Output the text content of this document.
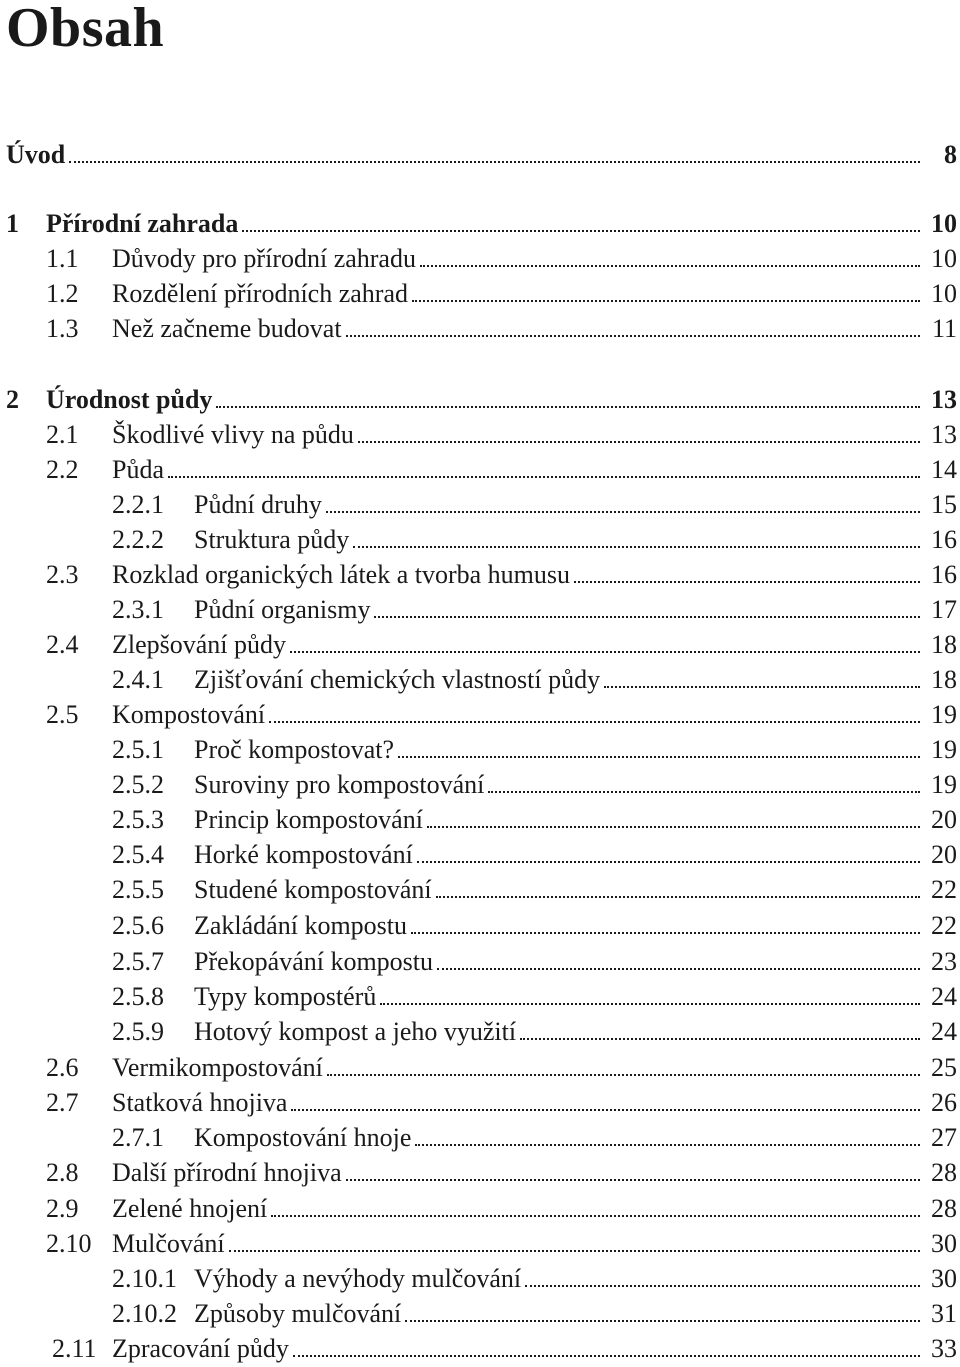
Obsah
Úvod	8
1 Přírodní zahrada	10
1.1 Důvody pro přírodní zahradu	10
1.2 Rozdělení přírodních zahrad	10
1.3 Než začneme budovat	11
2 Úrodnost půdy	13
2.1 Škodlivé vlivy na půdu	13
2.2 Půda	14
2.2.1 Půdní druhy	15
2.2.2 Struktura půdy	16
2.3 Rozklad organických látek a tvorba humusu	16
2.3.1 Půdní organismy	17
2.4 Zlepšování půdy	18
2.4.1 Zjišťování chemických vlastností půdy	18
2.5 Kompostování	19
2.5.1 Proč kompostovat?	19
2.5.2 Suroviny pro kompostování	19
2.5.3 Princip kompostování	20
2.5.4 Horké kompostování	20
2.5.5 Studené kompostování	22
2.5.6 Zakládání kompostu	22
2.5.7 Překopávání kompostu	23
2.5.8 Typy kompostérů	24
2.5.9 Hotový kompost a jeho využití	24
2.6 Vermikompostování	25
2.7 Statková hnojiva	26
2.7.1 Kompostování hnoje	27
2.8 Další přírodní hnojiva	28
2.9 Zelené hnojení	28
2.10 Mulčování	30
2.10.1 Výhody a nevýhody mulčování	30
2.10.2 Způsoby mulčování	31
2.11 Zpracování půdy	33
